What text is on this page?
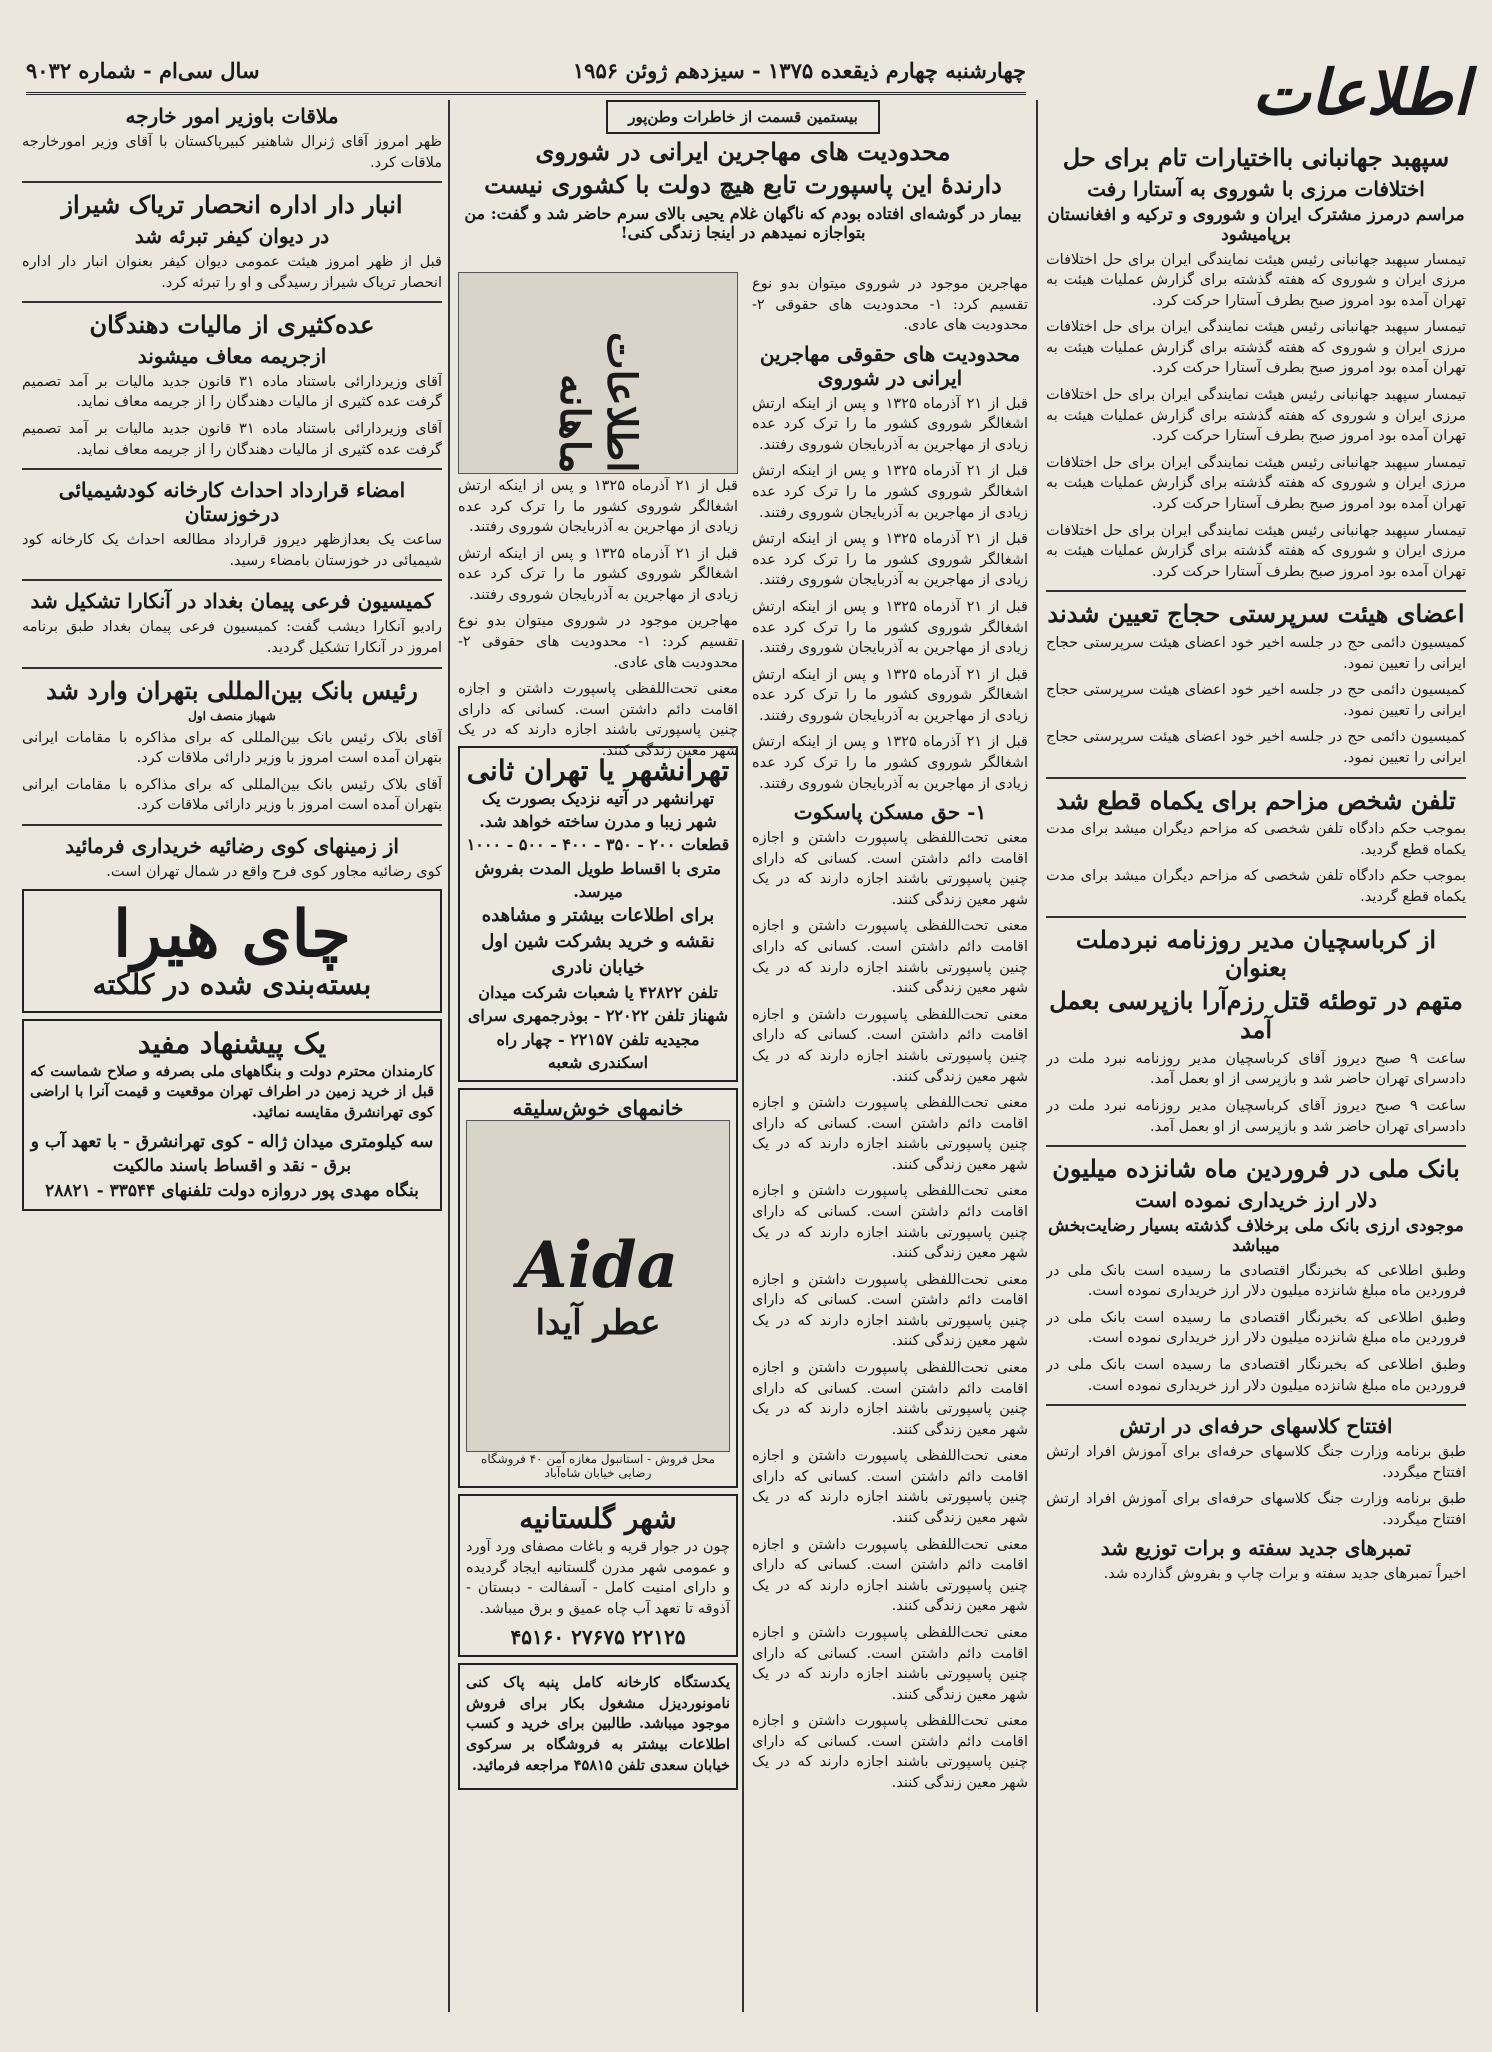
چهارشنبه چهارم ذیقعده ۱۳۷۵ - سیزدهم ژوئن ۱۹۵۶
سال سی‌ام - شماره ۹۰۳۲	اطلاعات
سپهبد جهانبانی بااختیارات تام برای حل
اختلافات مرزی با شوروی به آستارا رفت
مراسم درمرز مشترک ایران و شوروی و ترکیه و افغانستان برپامیشود

تیمسار سپهبد جهانبانی رئیس هیئت نمایندگی ایران برای حل اختلافات مرزی ایران و شوروی که هفته گذشته برای گزارش عملیات هیئت به تهران آمده بود امروز صبح بطرف آستارا حرکت کرد.

تیمسار سپهبد جهانبانی رئیس هیئت نمایندگی ایران برای حل اختلافات مرزی ایران و شوروی که هفته گذشته برای گزارش عملیات هیئت به تهران آمده بود امروز صبح بطرف آستارا حرکت کرد.

تیمسار سپهبد جهانبانی رئیس هیئت نمایندگی ایران برای حل اختلافات مرزی ایران و شوروی که هفته گذشته برای گزارش عملیات هیئت به تهران آمده بود امروز صبح بطرف آستارا حرکت کرد.

تیمسار سپهبد جهانبانی رئیس هیئت نمایندگی ایران برای حل اختلافات مرزی ایران و شوروی که هفته گذشته برای گزارش عملیات هیئت به تهران آمده بود امروز صبح بطرف آستارا حرکت کرد.

تیمسار سپهبد جهانبانی رئیس هیئت نمایندگی ایران برای حل اختلافات مرزی ایران و شوروی که هفته گذشته برای گزارش عملیات هیئت به تهران آمده بود امروز صبح بطرف آستارا حرکت کرد.

اعضای هیئت سرپرستی حجاج تعیین شدند

کمیسیون دائمی حج در جلسه اخیر خود اعضای هیئت سرپرستی حجاج ایرانی را تعیین نمود.

کمیسیون دائمی حج در جلسه اخیر خود اعضای هیئت سرپرستی حجاج ایرانی را تعیین نمود.

کمیسیون دائمی حج در جلسه اخیر خود اعضای هیئت سرپرستی حجاج ایرانی را تعیین نمود.

تلفن شخص مزاحم برای یکماه قطع شد

بموجب حکم دادگاه تلفن شخصی که مزاحم دیگران میشد برای مدت یکماه قطع گردید.

بموجب حکم دادگاه تلفن شخصی که مزاحم دیگران میشد برای مدت یکماه قطع گردید.

از کرباسچیان مدیر روزنامه نبردملت بعنوان
متهم در توطئه قتل رزم‌آرا بازپرسی بعمل آمد

ساعت ۹ صبح دیروز آقای کرباسچیان مدیر روزنامه نبرد ملت در دادسرای تهران حاضر شد و بازپرسی از او بعمل آمد.

ساعت ۹ صبح دیروز آقای کرباسچیان مدیر روزنامه نبرد ملت در دادسرای تهران حاضر شد و بازپرسی از او بعمل آمد.

بانک ملی در فروردین ماه شانزده میلیون
دلار ارز خریداری نموده است
موجودی ارزی بانک ملی برخلاف گذشته بسیار رضایت‌بخش میباشد

وطبق اطلاعی که بخبرنگار اقتصادی ما رسیده است بانک ملی در فروردین ماه مبلغ شانزده میلیون دلار ارز خریداری نموده است.

وطبق اطلاعی که بخبرنگار اقتصادی ما رسیده است بانک ملی در فروردین ماه مبلغ شانزده میلیون دلار ارز خریداری نموده است.

وطبق اطلاعی که بخبرنگار اقتصادی ما رسیده است بانک ملی در فروردین ماه مبلغ شانزده میلیون دلار ارز خریداری نموده است.

افتتاح کلاسهای حرفه‌ای در ارتش

طبق برنامه وزارت جنگ کلاسهای حرفه‌ای برای آموزش افراد ارتش افتتاح میگردد.

طبق برنامه وزارت جنگ کلاسهای حرفه‌ای برای آموزش افراد ارتش افتتاح میگردد.

تمبرهای جدید سفته و برات توزیع شد

اخیراً تمبرهای جدید سفته و برات چاپ و بفروش گذارده شد.

بیستمین قسمت از خاطرات وطن‌پور
محدودیت های مهاجرین ایرانی در شوروی
دارندهٔ این پاسپورت تابع هیچ دولت با کشوری نیست
بیمار در گوشه‌ای افتاده بودم که ناگهان غلام یحیی بالای سرم حاضر شد و گفت: من بتواجازه نمیدهم در اینجا زندگی کنی!

مهاجرین موجود در شوروی میتوان بدو نوع تقسیم کرد: ۱- محدودیت های حقوقی ۲- محدودیت های عادی.

محدودیت های حقوقی مهاجرین ایرانی در شوروی

قبل از ۲۱ آذرماه ۱۳۲۵ و پس از اینکه ارتش اشغالگر شوروی کشور ما را ترک کرد عده زیادی از مهاجرین به آذربایجان شوروی رفتند.

قبل از ۲۱ آذرماه ۱۳۲۵ و پس از اینکه ارتش اشغالگر شوروی کشور ما را ترک کرد عده زیادی از مهاجرین به آذربایجان شوروی رفتند.

قبل از ۲۱ آذرماه ۱۳۲۵ و پس از اینکه ارتش اشغالگر شوروی کشور ما را ترک کرد عده زیادی از مهاجرین به آذربایجان شوروی رفتند.

قبل از ۲۱ آذرماه ۱۳۲۵ و پس از اینکه ارتش اشغالگر شوروی کشور ما را ترک کرد عده زیادی از مهاجرین به آذربایجان شوروی رفتند.

قبل از ۲۱ آذرماه ۱۳۲۵ و پس از اینکه ارتش اشغالگر شوروی کشور ما را ترک کرد عده زیادی از مهاجرین به آذربایجان شوروی رفتند.

قبل از ۲۱ آذرماه ۱۳۲۵ و پس از اینکه ارتش اشغالگر شوروی کشور ما را ترک کرد عده زیادی از مهاجرین به آذربایجان شوروی رفتند.

۱- حق مسکن پاسکوت

معنی تحت‌اللفظی پاسپورت داشتن و اجازه اقامت دائم داشتن است. کسانی که دارای چنین پاسپورتی باشند اجازه دارند که در یک شهر معین زندگی کنند.

معنی تحت‌اللفظی پاسپورت داشتن و اجازه اقامت دائم داشتن است. کسانی که دارای چنین پاسپورتی باشند اجازه دارند که در یک شهر معین زندگی کنند.

معنی تحت‌اللفظی پاسپورت داشتن و اجازه اقامت دائم داشتن است. کسانی که دارای چنین پاسپورتی باشند اجازه دارند که در یک شهر معین زندگی کنند.

معنی تحت‌اللفظی پاسپورت داشتن و اجازه اقامت دائم داشتن است. کسانی که دارای چنین پاسپورتی باشند اجازه دارند که در یک شهر معین زندگی کنند.

معنی تحت‌اللفظی پاسپورت داشتن و اجازه اقامت دائم داشتن است. کسانی که دارای چنین پاسپورتی باشند اجازه دارند که در یک شهر معین زندگی کنند.

معنی تحت‌اللفظی پاسپورت داشتن و اجازه اقامت دائم داشتن است. کسانی که دارای چنین پاسپورتی باشند اجازه دارند که در یک شهر معین زندگی کنند.

معنی تحت‌اللفظی پاسپورت داشتن و اجازه اقامت دائم داشتن است. کسانی که دارای چنین پاسپورتی باشند اجازه دارند که در یک شهر معین زندگی کنند.

معنی تحت‌اللفظی پاسپورت داشتن و اجازه اقامت دائم داشتن است. کسانی که دارای چنین پاسپورتی باشند اجازه دارند که در یک شهر معین زندگی کنند.

معنی تحت‌اللفظی پاسپورت داشتن و اجازه اقامت دائم داشتن است. کسانی که دارای چنین پاسپورتی باشند اجازه دارند که در یک شهر معین زندگی کنند.

معنی تحت‌اللفظی پاسپورت داشتن و اجازه اقامت دائم داشتن است. کسانی که دارای چنین پاسپورتی باشند اجازه دارند که در یک شهر معین زندگی کنند.

معنی تحت‌اللفظی پاسپورت داشتن و اجازه اقامت دائم داشتن است. کسانی که دارای چنین پاسپورتی باشند اجازه دارند که در یک شهر معین زندگی کنند.

اطلاعات ماهانه

قبل از ۲۱ آذرماه ۱۳۲۵ و پس از اینکه ارتش اشغالگر شوروی کشور ما را ترک کرد عده زیادی از مهاجرین به آذربایجان شوروی رفتند.

قبل از ۲۱ آذرماه ۱۳۲۵ و پس از اینکه ارتش اشغالگر شوروی کشور ما را ترک کرد عده زیادی از مهاجرین به آذربایجان شوروی رفتند.

مهاجرین موجود در شوروی میتوان بدو نوع تقسیم کرد: ۱- محدودیت های حقوقی ۲- محدودیت های عادی.

معنی تحت‌اللفظی پاسپورت داشتن و اجازه اقامت دائم داشتن است. کسانی که دارای چنین پاسپورتی باشند اجازه دارند که در یک شهر معین زندگی کنند.

تهرانشهر یا تهران ثانی
تهرانشهر در آتیه نزدیک بصورت یک شهر زیبا و مدرن ساخته خواهد شد. قطعات ۲۰۰ - ۳۵۰ - ۴۰۰ - ۵۰۰ - ۱۰۰۰ متری با اقساط طویل المدت بفروش میرسد.
برای اطلاعات بیشتر و مشاهده نقشه و خرید بشرکت شین اول خیابان نادری
تلفن ۴۲۸۲۲ یا شعبات شرکت میدان شهناز تلفن ۲۲۰۲۲ - بوذرجمهری سرای مجیدیه تلفن ۲۲۱۵۷ - چهار راه اسکندری شعبه
خانمهای خوش‌سلیقه
Aida
عطر آیدا
محل فروش - استانبول مغازه آمن ۴۰ فروشگاه رضایی خیابان شاه‌آباد
شهر گلستانیه

چون در جوار قریه و باغات مصفای ورد آورد و عمومی شهر مدرن گلستانیه ایجاد گردیده و دارای امنیت کامل - آسفالت - دبستان - آذوقه تا تعهد آب چاه عمیق و برق میباشد.

۲۲۱۲۵ ۲۷۶۷۵ ۴۵۱۶۰

یکدستگاه کارخانه کامل پنبه پاک کنی نامونوردیزل مشغول بکار برای فروش موجود میباشد. طالبین برای خرید و کسب اطلاعات بیشتر به فروشگاه بر سرکوی خیابان سعدی تلفن ۴۵۸۱۵ مراجعه فرمائید.

ملاقات باوزیر امور خارجه

ظهر امروز آقای ژنرال شاهنیر کبیرپاکستان با آقای وزیر امورخارجه ملاقات کرد.

انبار دار اداره انحصار تریاک شیراز
در دیوان کیفر تبرئه شد

قبل از ظهر امروز هیئت عمومی دیوان کیفر بعنوان انبار دار اداره انحصار تریاک شیراز رسیدگی و او را تبرئه کرد.

عده‌کثیری از مالیات دهندگان
ازجریمه معاف میشوند

آقای وزیردارائی باستناد ماده ۳۱ قانون جدید مالیات بر آمد تصمیم گرفت عده کثیری از مالیات دهندگان را از جریمه معاف نماید.

آقای وزیردارائی باستناد ماده ۳۱ قانون جدید مالیات بر آمد تصمیم گرفت عده کثیری از مالیات دهندگان را از جریمه معاف نماید.

امضاء قرارداد احداث کارخانه کودشیمیائی درخوزستان

ساعت یک بعدازظهر دیروز قرارداد مطالعه احداث یک کارخانه کود شیمیائی در خوزستان بامضاء رسید.

کمیسیون فرعی پیمان بغداد در آنکارا تشکیل شد

رادیو آنکارا دیشب گفت: کمیسیون فرعی پیمان بغداد طبق برنامه امروز در آنکارا تشکیل گردید.

رئیس بانک بین‌المللی بتهران وارد شد
شهباز منصف اول

آقای بلاک رئیس بانک بین‌المللی که برای مذاکره با مقامات ایرانی بتهران آمده است امروز با وزیر دارائی ملاقات کرد.

آقای بلاک رئیس بانک بین‌المللی که برای مذاکره با مقامات ایرانی بتهران آمده است امروز با وزیر دارائی ملاقات کرد.

از زمینهای کوی رضائیه خریداری فرمائید

کوی رضائیه مجاور کوی فرح واقع در شمال تهران است.

چای هیرا
بسته‌بندی شده در کلکته
یک پیشنهاد مفید

کارمندان محترم دولت و بنگاههای ملی بصرفه و صلاح شماست که قبل از خرید زمین در اطراف تهران موقعیت و قیمت آنرا با اراضی کوی تهرانشرق مقایسه نمائید.

سه کیلومتری میدان ژاله - کوی تهرانشرق - با تعهد آب و برق - نقد و اقساط باسند مالکیت
بنگاه مهدی پور دروازه دولت تلفنهای ۳۳۵۴۴ - ۲۸۸۲۱
